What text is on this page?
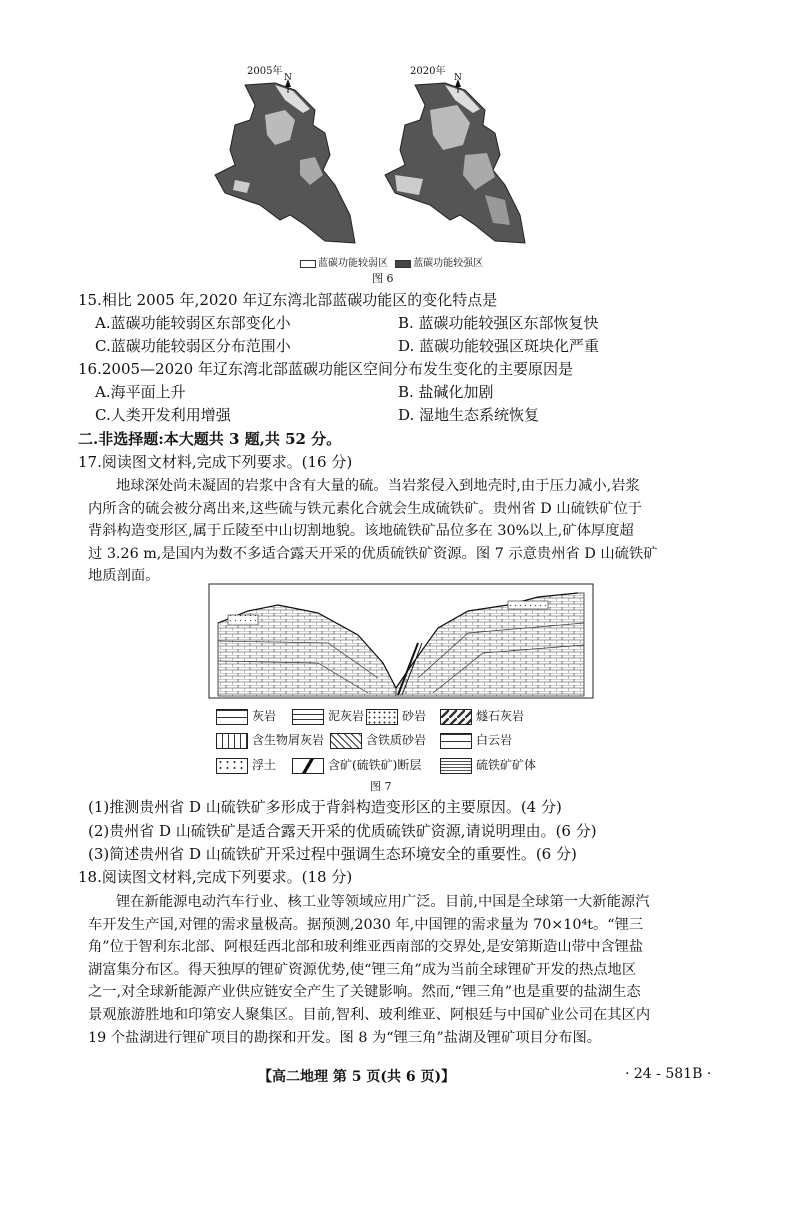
2005年	2020年
N	N
蓝碳功能较弱区	蓝碳功能较强区
图 6
15.相比 2005 年,2020 年辽东湾北部蓝碳功能区的变化特点是
A.蓝碳功能较弱区东部变化小	B. 蓝碳功能较强区东部恢复快
C.蓝碳功能较弱区分布范围小	D. 蓝碳功能较强区斑块化严重
16.2005—2020 年辽东湾北部蓝碳功能区空间分布发生变化的主要原因是
A.海平面上升	B. 盐碱化加剧
C.人类开发利用增强	D. 湿地生态系统恢复
二.非选择题:本大题共 3 题,共 52 分。
17.阅读图文材料,完成下列要求。(16 分)
地球深处尚未凝固的岩浆中含有大量的硫。当岩浆侵入到地壳时,由于压力减小,岩浆
内所含的硫会被分离出来,这些硫与铁元素化合就会生成硫铁矿。贵州省 D 山硫铁矿位于
背斜构造变形区,属于丘陵至中山切割地貌。该地硫铁矿品位多在 30%以上,矿体厚度超
过 3.26 m,是国内为数不多适合露天开采的优质硫铁矿资源。图 7 示意贵州省 D 山硫铁矿
地质剖面。
灰岩	泥灰岩	砂岩	燧石灰岩
含生物屑灰岩	含铁质砂岩	白云岩
浮土	含矿(硫铁矿)断层	硫铁矿矿体
图 7
(1)推测贵州省 D 山硫铁矿多形成于背斜构造变形区的主要原因。(4 分)
(2)贵州省 D 山硫铁矿是适合露天开采的优质硫铁矿资源,请说明理由。(6 分)
(3)简述贵州省 D 山硫铁矿开采过程中强调生态环境安全的重要性。(6 分)
18.阅读图文材料,完成下列要求。(18 分)
锂在新能源电动汽车行业、核工业等领域应用广泛。目前,中国是全球第一大新能源汽
车开发生产国,对锂的需求量极高。据预测,2030 年,中国锂的需求量为 70×10⁴t。“锂三
角”位于智利东北部、阿根廷西北部和玻利维亚西南部的交界处,是安第斯造山带中含锂盐
湖富集分布区。得天独厚的锂矿资源优势,使“锂三角”成为当前全球锂矿开发的热点地区
之一,对全球新能源产业供应链安全产生了关键影响。然而,“锂三角”也是重要的盐湖生态
景观旅游胜地和印第安人聚集区。目前,智利、玻利维亚、阿根廷与中国矿业公司在其区内
19 个盐湖进行锂矿项目的勘探和开发。图 8 为“锂三角”盐湖及锂矿项目分布图。
【高二地理 第 5 页(共 6 页)】	· 24 - 581B ·
